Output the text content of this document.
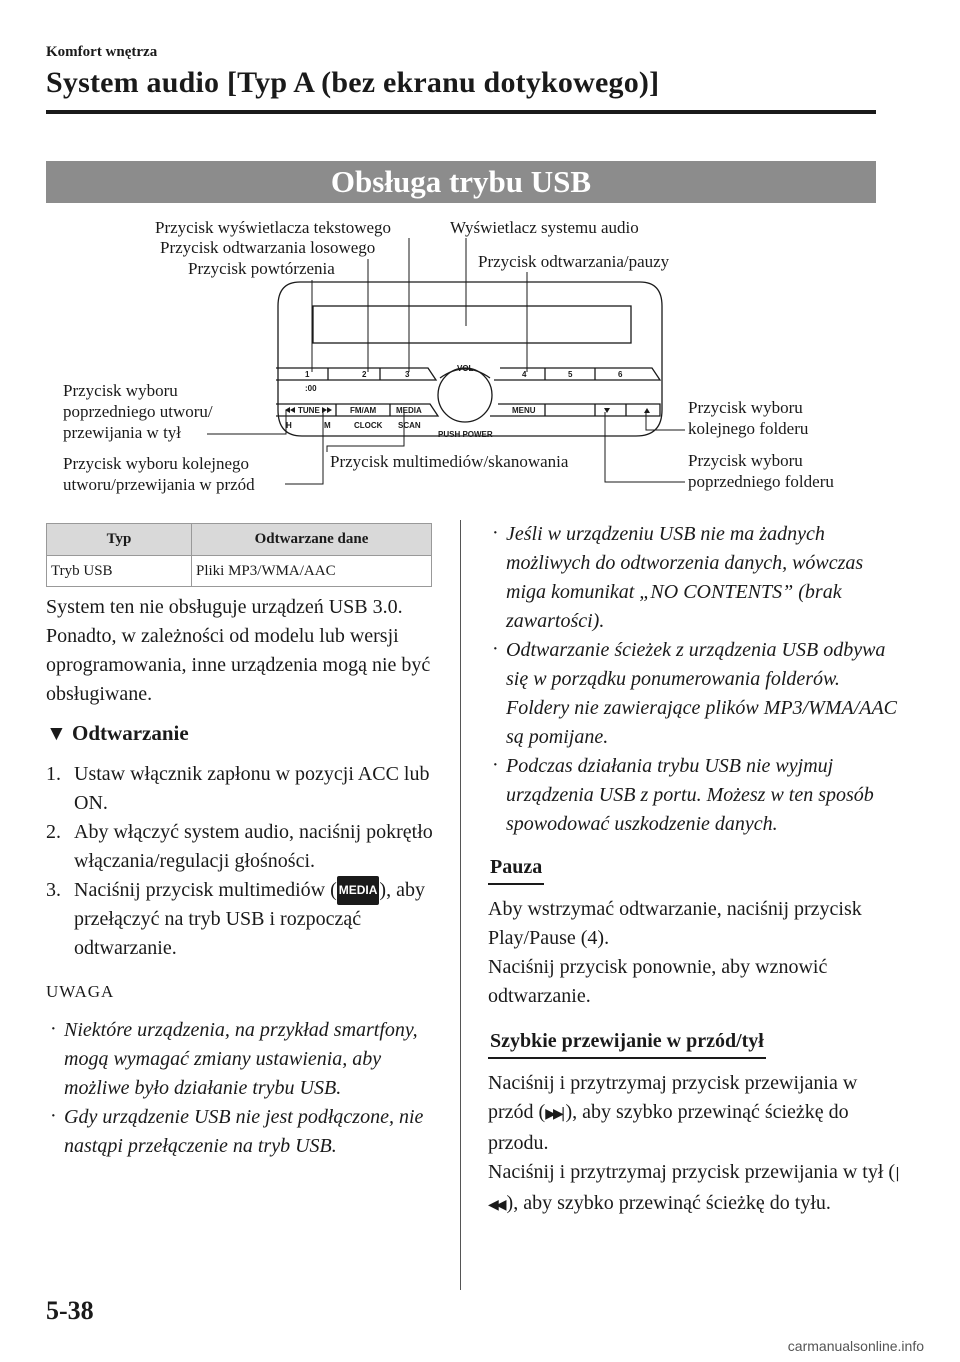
Komfort wnętrza
System audio [Typ A (bez ekranu dotykowego)]
Obsługa trybu USB
Przycisk wyświetlacza tekstowego
Przycisk odtwarzania losowego
Przycisk powtórzenia
Wyświetlacz systemu audio
Przycisk odtwarzania/pauzy
Przycisk wyboru
poprzedniego utworu/
przewijania w tył
Przycisk wyboru kolejnego
utworu/przewijania w przód
Przycisk multimediów/skanowania
Przycisk wyboru
kolejnego folderu
Przycisk wyboru
poprzedniego folderu
1	2	3	4	5	6
:00
VOL
TUNE	FM/AM MEDIA	MENU
H	M	CLOCK SCAN
PUSH POWER
Typ	Odtwarzane dane
Tryb USB	Pliki MP3/WMA/AAC

System ten nie obsługuje urządzeń USB 3.0. Ponadto, w zależności od modelu lub wersji oprogramowania, inne urządzenia mogą nie być obsługiwane.

▼ Odtwarzanie
1. Ustaw włącznik zapłonu w pozycji ACC lub ON.
2. Aby włączyć system audio, naciśnij pokrętło włączania/regulacji głośności.
3. Naciśnij przycisk multimediów ( MEDIA ), aby przełączyć na tryb USB i rozpocząć odtwarzanie.
UWAGA
· Niektóre urządzenia, na przykład smartfony, mogą wymagać zmiany ustawienia, aby możliwe było działanie trybu USB.
· Gdy urządzenie USB nie jest podłączone, nie nastąpi przełączenie na tryb USB.
· Jeśli w urządzeniu USB nie ma żadnych możliwych do odtworzenia danych, wówczas miga komunikat „NO CONTENTS” (brak zawartości).
· Odtwarzanie ścieżek z urządzenia USB odbywa się w porządku ponumerowania folderów. Foldery nie zawierające plików MP3/WMA/AAC są pomijane.
· Podczas działania trybu USB nie wyjmuj urządzenia USB z portu. Możesz w ten sposób spowodować uszkodzenie danych.
Pauza

Aby wstrzymać odtwarzanie, naciśnij przycisk Play/Pause (4).

Naciśnij przycisk ponownie, aby wznowić odtwarzanie.

Szybkie przewijanie w przód/tył

Naciśnij i przytrzymaj przycisk przewijania w przód (▶▶| ), aby szybko przewinąć ścieżkę do przodu.

Naciśnij i przytrzymaj przycisk przewijania w tył (|◀◀ ), aby szybko przewinąć ścieżkę do tyłu.

5-38
carmanualsonline.info
